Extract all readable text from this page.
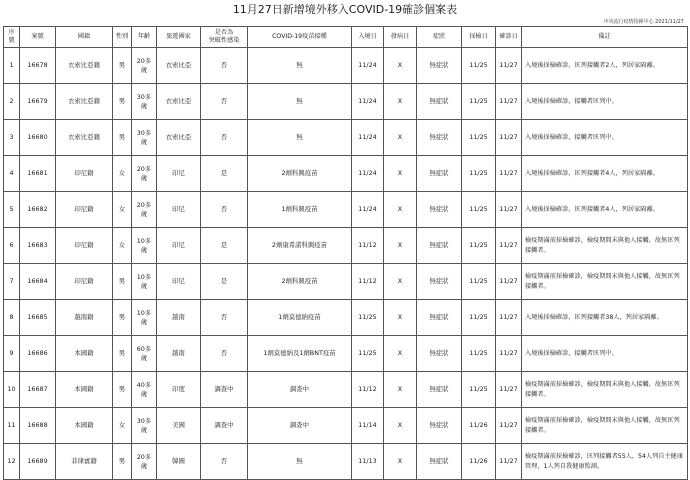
11月27日新增境外移入COVID-19確診個案表
中央流行疫情指揮中心 2021/11/27
序號	案號	國籍	性別	年齡	旅遊國家	是否為
突破性感染	COVID-19疫苗接種	入境日	發病日	症狀	採檢日	確診日	備註
1	16678	衣索比亞籍	男	20多歲	衣索比亞	否	無	11/24	X	無症狀	11/25	11/27	入境後採檢確診，匡列接觸者2人，列居家隔離。
2	16679	衣索比亞籍	男	30多歲	衣索比亞	否	無	11/24	X	無症狀	11/25	11/27	入境後採檢確診，接觸者匡列中。
3	16680	衣索比亞籍	男	30多歲	衣索比亞	否	無	11/24	X	無症狀	11/25	11/27	入境後採檢確診，接觸者匡列中。
4	16681	印尼籍	女	20多歲	印尼	是	2劑科興疫苗	11/24	X	無症狀	11/25	11/27	入境後採檢確診，匡列接觸者4人，列居家隔離。
5	16682	印尼籍	女	20多歲	印尼	否	1劑科興疫苗	11/24	X	無症狀	11/25	11/27	入境後採檢確診，匡列接觸者4人，列居家隔離。
6	16683	印尼籍	女	10多歲	印尼	是	2劑康希諾科興疫苗	11/12	X	無症狀	11/25	11/27	檢疫期滿前採檢確診，檢疫期間未與他人接觸，故無匡列接觸者。
7	16684	印尼籍	男	10多歲	印尼	是	2劑科興疫苗	11/12	X	無症狀	11/25	11/27	檢疫期滿前採檢確診，檢疫期間未與他人接觸，故無匡列接觸者。
8	16685	越南籍	男	10多歲	越南	否	1劑莫德納疫苗	11/25	X	無症狀	11/25	11/27	入境後採檢確診，匡列接觸者38人，列居家隔離。
9	16686	本國籍	男	60多歲	越南	否	1劑莫德納及1劑BNT疫苗	11/25	X	無症狀	11/25	11/27	入境後採檢確診，接觸者匡列中。
10	16687	本國籍	男	40多歲	印度	調查中	調查中	11/12	X	無症狀	11/25	11/27	檢疫期滿前採檢確診，檢疫期間未與他人接觸，故無匡列接觸者。
11	16688	本國籍	女	30多歲	美國	調查中	調查中	11/14	X	無症狀	11/26	11/27	檢疫期滿前採檢確診，檢疫期間未與他人接觸，故無匡列接觸者。
12	16689	菲律賓籍	男	20多歲	韓國	否	無	11/13	X	無症狀	11/26	11/27	檢疫期滿前採檢確診，匡列接觸者55人，54人列自主健康管理，1人列自我健康監測。
